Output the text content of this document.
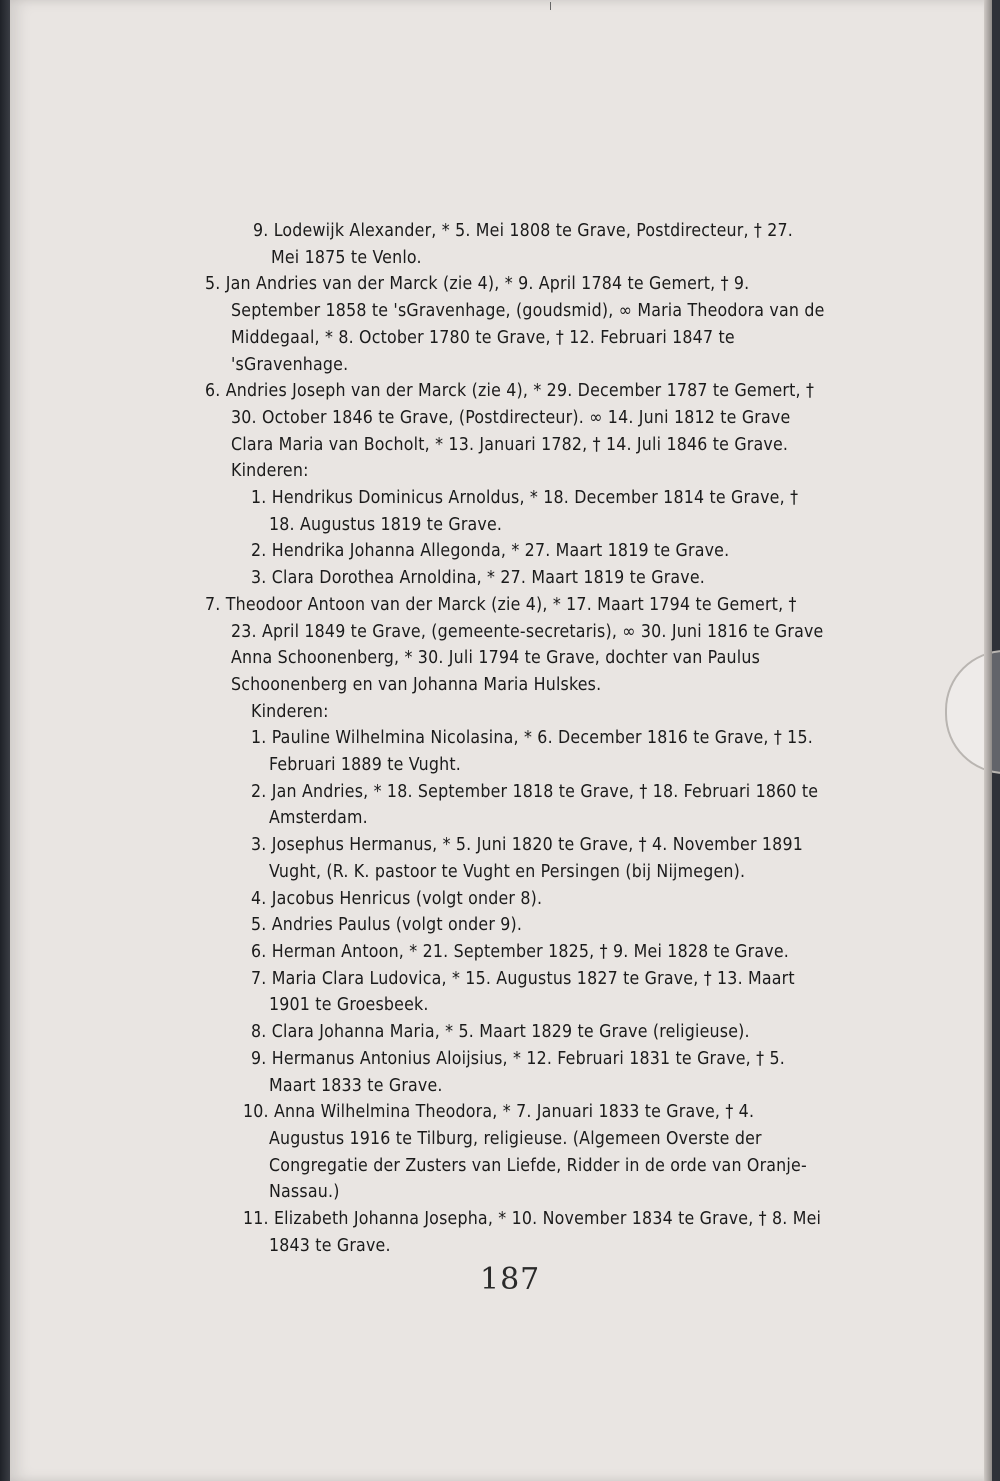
9. Lodewijk Alexander, * 5. Mei 1808 te Grave, Postdirecteur, † 27. Mei 1875 te Venlo.

5. Jan Andries van der Marck (zie 4), * 9. April 1784 te Gemert, † 9. September 1858 te 'sGravenhage, (goudsmid), ∞ Maria Theodora van de Middegaal, * 8. October 1780 te Grave, † 12. Februari 1847 te 'sGravenhage.

6. Andries Joseph van der Marck (zie 4), * 29. December 1787 te Gemert, † 30. October 1846 te Grave, (Postdirecteur). ∞ 14. Juni 1812 te Grave Clara Maria van Bocholt, * 13. Januari 1782, † 14. Juli 1846 te Grave. Kinderen:

1. Hendrikus Dominicus Arnoldus, * 18. December 1814 te Grave, † 18. Augustus 1819 te Grave.

2. Hendrika Johanna Allegonda, * 27. Maart 1819 te Grave.

3. Clara Dorothea Arnoldina, * 27. Maart 1819 te Grave.

7. Theodoor Antoon van der Marck (zie 4), * 17. Maart 1794 te Gemert, † 23. April 1849 te Grave, (gemeente-secretaris), ∞ 30. Juni 1816 te Grave Anna Schoonenberg, * 30. Juli 1794 te Grave, dochter van Paulus Schoonenberg en van Johanna Maria Hulskes.

Kinderen:

1. Pauline Wilhelmina Nicolasina, * 6. December 1816 te Grave, † 15. Februari 1889 te Vught.

2. Jan Andries, * 18. September 1818 te Grave, † 18. Februari 1860 te Amsterdam.

3. Josephus Hermanus, * 5. Juni 1820 te Grave, † 4. November 1891 Vught, (R. K. pastoor te Vught en Persingen (bij Nijmegen).

4. Jacobus Henricus (volgt onder 8).

5. Andries Paulus (volgt onder 9).

6. Herman Antoon, * 21. September 1825, † 9. Mei 1828 te Grave.

7. Maria Clara Ludovica, * 15. Augustus 1827 te Grave, † 13. Maart 1901 te Groesbeek.

8. Clara Johanna Maria, * 5. Maart 1829 te Grave (religieuse).

9. Hermanus Antonius Aloijsius, * 12. Februari 1831 te Grave, † 5. Maart 1833 te Grave.

10. Anna Wilhelmina Theodora, * 7. Januari 1833 te Grave, † 4. Augustus 1916 te Tilburg, religieuse. (Algemeen Overste der Congregatie der Zusters van Liefde, Ridder in de orde van Oranje-Nassau.)

11. Elizabeth Johanna Josepha, * 10. November 1834 te Grave, † 8. Mei 1843 te Grave.

187
